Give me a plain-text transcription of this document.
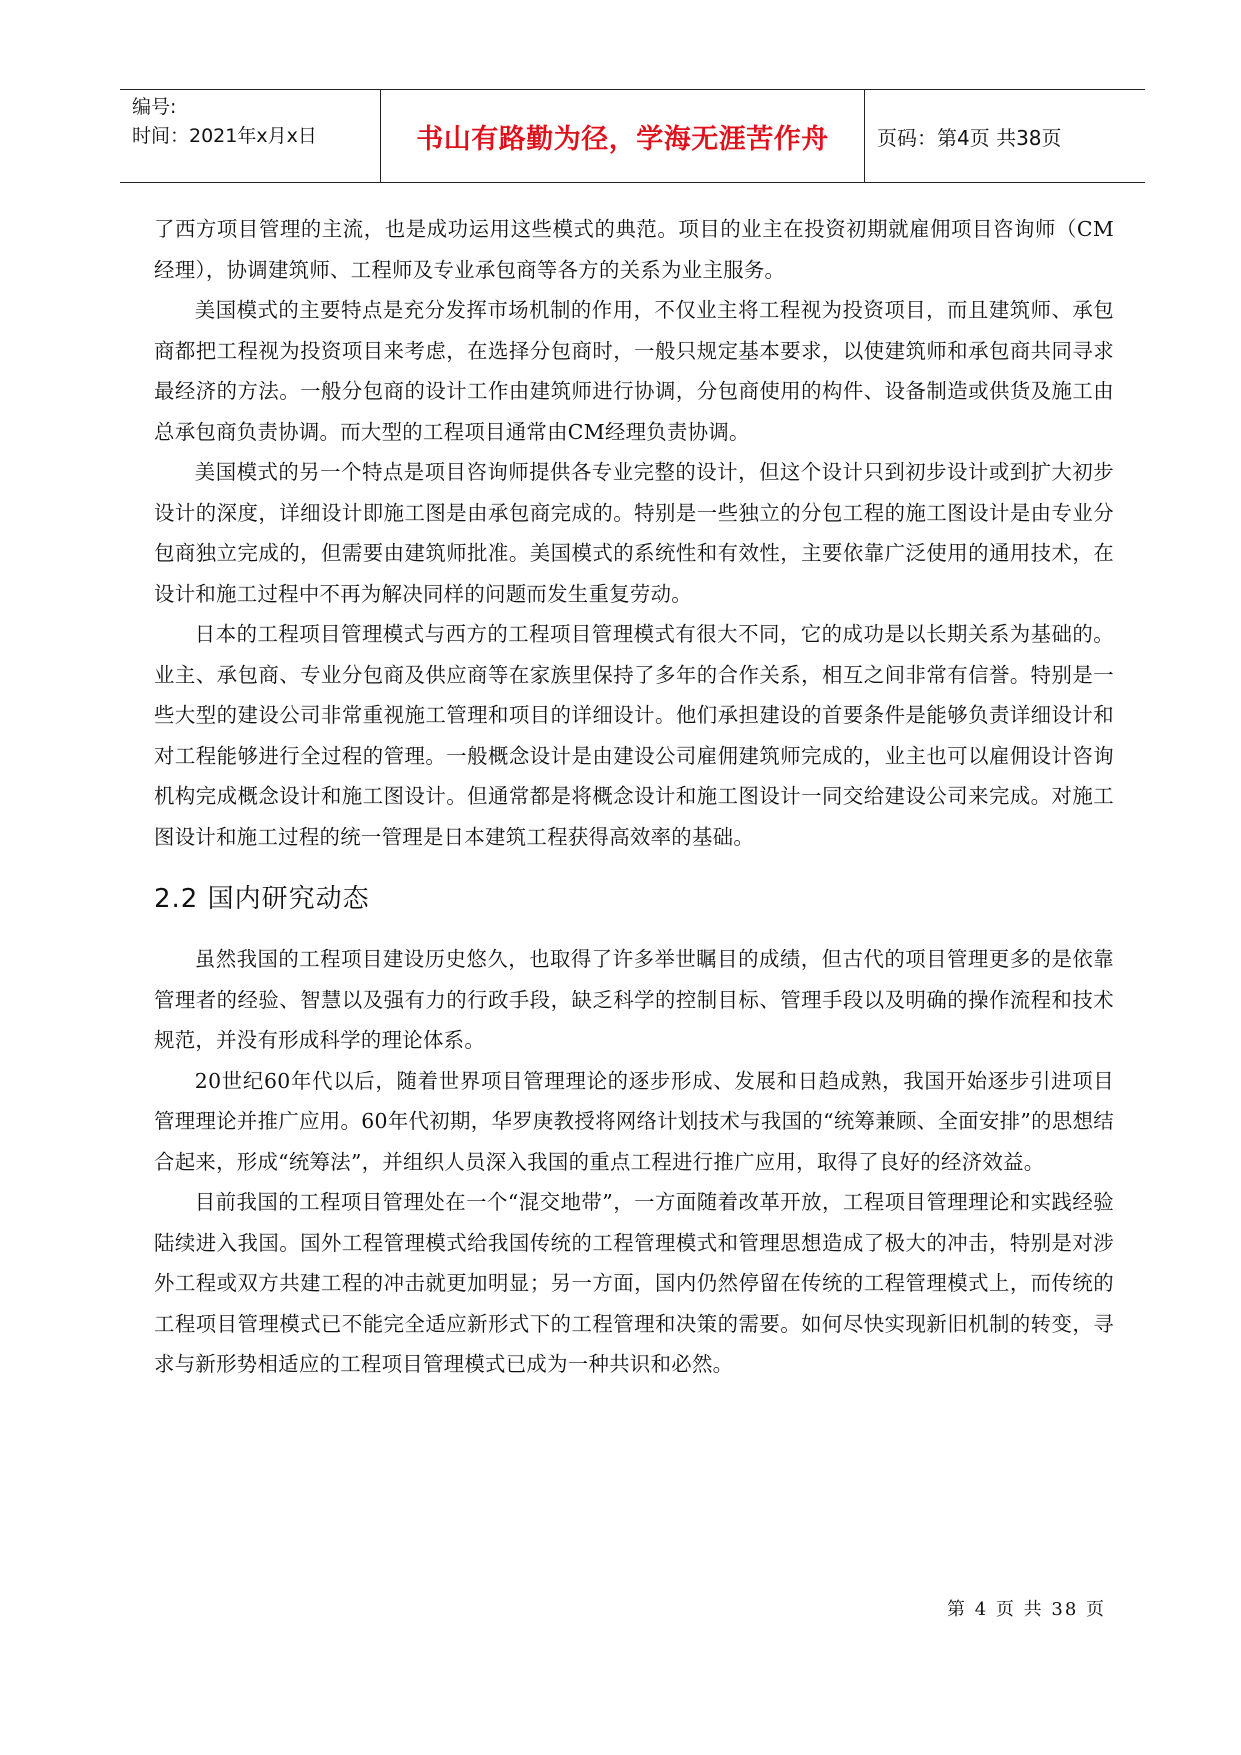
编号:
时间：2021年x月x日	书山有路勤为径，学海无涯苦作舟	页码：第4页 共38页

了西方项目管理的主流，也是成功运用这些模式的典范。项目的业主在投资初期就雇佣项目咨询师（CM经理），协调建筑师、工程师及专业承包商等各方的关系为业主服务。

美国模式的主要特点是充分发挥市场机制的作用，不仅业主将工程视为投资项目，而且建筑师、承包商都把工程视为投资项目来考虑，在选择分包商时，一般只规定基本要求，以使建筑师和承包商共同寻求最经济的方法。一般分包商的设计工作由建筑师进行协调，分包商使用的构件、设备制造或供货及施工由总承包商负责协调。而大型的工程项目通常由CM经理负责协调。

美国模式的另一个特点是项目咨询师提供各专业完整的设计，但这个设计只到初步设计或到扩大初步设计的深度，详细设计即施工图是由承包商完成的。特别是一些独立的分包工程的施工图设计是由专业分包商独立完成的，但需要由建筑师批准。美国模式的系统性和有效性，主要依靠广泛使用的通用技术，在设计和施工过程中不再为解决同样的问题而发生重复劳动。

日本的工程项目管理模式与西方的工程项目管理模式有很大不同，它的成功是以长期关系为基础的。业主、承包商、专业分包商及供应商等在家族里保持了多年的合作关系，相互之间非常有信誉。特别是一些大型的建设公司非常重视施工管理和项目的详细设计。他们承担建设的首要条件是能够负责详细设计和对工程能够进行全过程的管理。一般概念设计是由建设公司雇佣建筑师完成的，业主也可以雇佣设计咨询机构完成概念设计和施工图设计。但通常都是将概念设计和施工图设计一同交给建设公司来完成。对施工图设计和施工过程的统一管理是日本建筑工程获得高效率的基础。

2.2 国内研究动态

虽然我国的工程项目建设历史悠久，也取得了许多举世瞩目的成绩，但古代的项目管理更多的是依靠管理者的经验、智慧以及强有力的行政手段，缺乏科学的控制目标、管理手段以及明确的操作流程和技术规范，并没有形成科学的理论体系。

20世纪60年代以后，随着世界项目管理理论的逐步形成、发展和日趋成熟，我国开始逐步引进项目管理理论并推广应用。60年代初期，华罗庚教授将网络计划技术与我国的“统筹兼顾、全面安排”的思想结合起来，形成“统筹法”，并组织人员深入我国的重点工程进行推广应用，取得了良好的经济效益。

目前我国的工程项目管理处在一个“混交地带”，一方面随着改革开放，工程项目管理理论和实践经验陆续进入我国。国外工程管理模式给我国传统的工程管理模式和管理思想造成了极大的冲击，特别是对涉外工程或双方共建工程的冲击就更加明显；另一方面，国内仍然停留在传统的工程管理模式上，而传统的工程项目管理模式已不能完全适应新形式下的工程管理和决策的需要。如何尽快实现新旧机制的转变，寻求与新形势相适应的工程项目管理模式已成为一种共识和必然。

第 4 页 共 38 页
